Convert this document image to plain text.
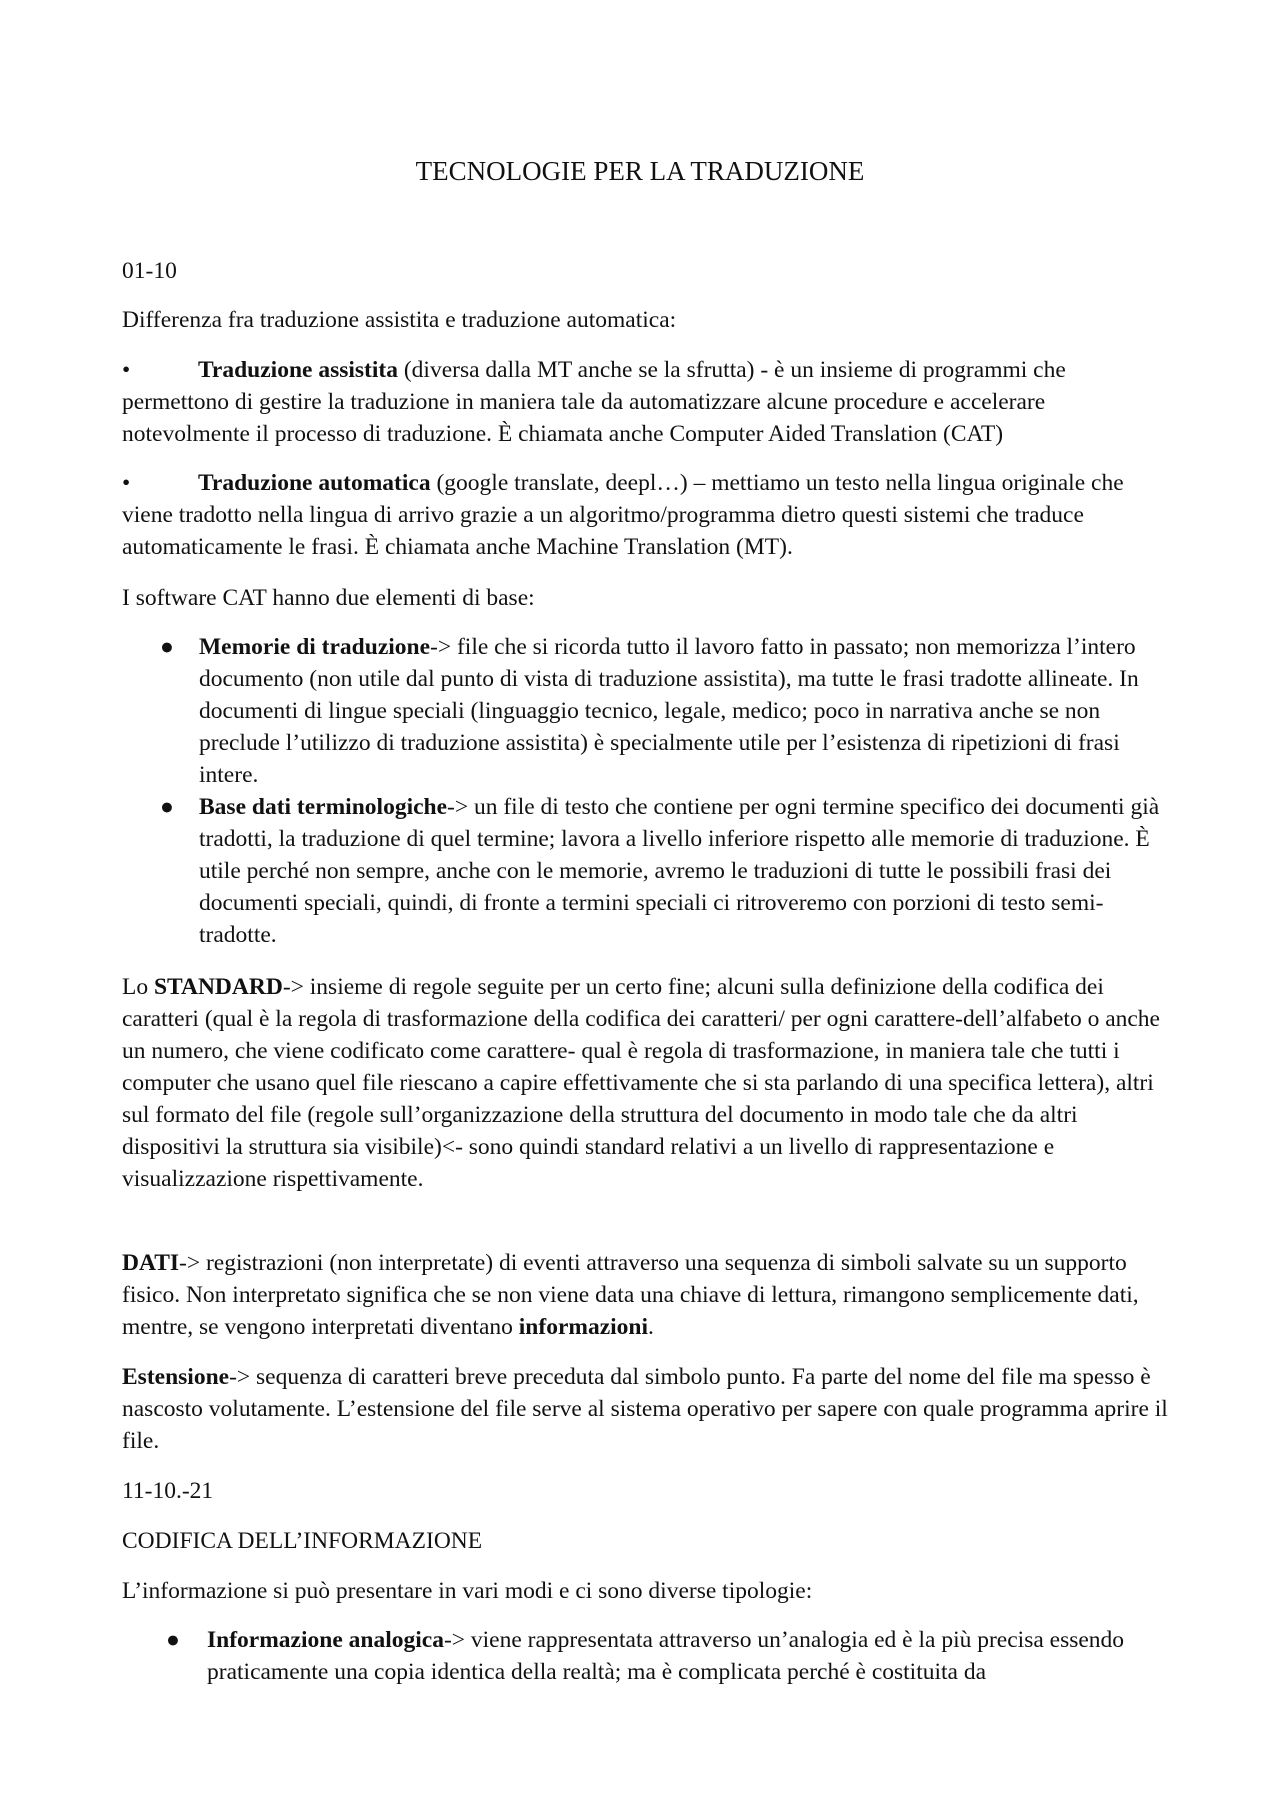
TECNOLOGIE PER LA TRADUZIONE

01-10

Differenza fra traduzione assistita e traduzione automatica:

•	Traduzione assistita (diversa dalla MT anche se la sfrutta) - è un insieme di programmi che permettono di gestire la traduzione in maniera tale da automatizzare alcune procedure e accelerare notevolmente il processo di traduzione. È chiamata anche Computer Aided Translation (CAT)

•	Traduzione automatica (google translate, deepl…) – mettiamo un testo nella lingua originale che viene tradotto nella lingua di arrivo grazie a un algoritmo/programma dietro questi sistemi che traduce automaticamente le frasi. È chiamata anche Machine Translation (MT).

I software CAT hanno due elementi di base:

● Memorie di traduzione-> file che si ricorda tutto il lavoro fatto in passato; non memorizza l’intero documento (non utile dal punto di vista di traduzione assistita), ma tutte le frasi tradotte allineate. In documenti di lingue speciali (linguaggio tecnico, legale, medico; poco in narrativa anche se non preclude l’utilizzo di traduzione assistita) è specialmente utile per l’esistenza di ripetizioni di frasi intere.

● Base dati terminologiche-> un file di testo che contiene per ogni termine specifico dei documenti già tradotti, la traduzione di quel termine; lavora a livello inferiore rispetto alle memorie di traduzione. È utile perché non sempre, anche con le memorie, avremo le traduzioni di tutte le possibili frasi dei documenti speciali, quindi, di fronte a termini speciali ci ritroveremo con porzioni di testo semi-tradotte.

Lo STANDARD-> insieme di regole seguite per un certo fine; alcuni sulla definizione della codifica dei caratteri (qual è la regola di trasformazione della codifica dei caratteri/ per ogni carattere-dell’alfabeto o anche un numero, che viene codificato come carattere- qual è regola di trasformazione, in maniera tale che tutti i computer che usano quel file riescano a capire effettivamente che si sta parlando di una specifica lettera), altri sul formato del file (regole sull’organizzazione della struttura del documento in modo tale che da altri dispositivi la struttura sia visibile)<- sono quindi standard relativi a un livello di rappresentazione e visualizzazione rispettivamente.

DATI-> registrazioni (non interpretate) di eventi attraverso una sequenza di simboli salvate su un supporto fisico. Non interpretato significa che se non viene data una chiave di lettura, rimangono semplicemente dati, mentre, se vengono interpretati diventano informazioni.

Estensione-> sequenza di caratteri breve preceduta dal simbolo punto. Fa parte del nome del file ma spesso è nascosto volutamente. L’estensione del file serve al sistema operativo per sapere con quale programma aprire il file.

11-10.-21

CODIFICA DELL’INFORMAZIONE

L’informazione si può presentare in vari modi e ci sono diverse tipologie:

● Informazione analogica-> viene rappresentata attraverso un’analogia ed è la più precisa essendo praticamente una copia identica della realtà; ma è complicata perché è costituita da
